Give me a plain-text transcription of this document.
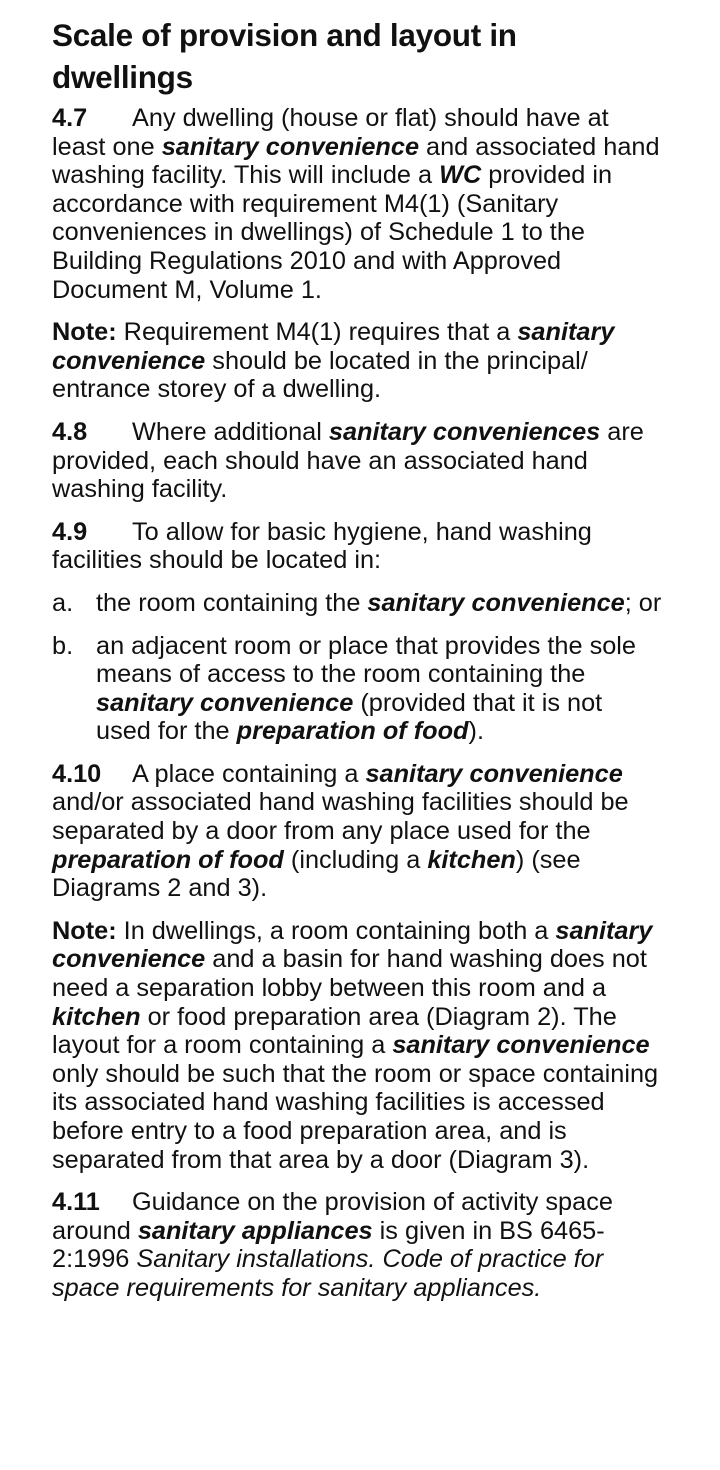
Scale of provision and layout in dwellings

4.7 Any dwelling (house or flat) should have at least one sanitary convenience and associated hand washing facility. This will include a WC provided in accordance with requirement M4(1) (Sanitary conveniences in dwellings) of Schedule 1 to the Building Regulations 2010 and with Approved Document M, Volume 1.

Note: Requirement M4(1) requires that a sanitary convenience should be located in the principal/ entrance storey of a dwelling.

4.8 Where additional sanitary conveniences are provided, each should have an associated hand washing facility.

4.9 To allow for basic hygiene, hand washing facilities should be located in:

a. the room containing the sanitary convenience; or
b. an adjacent room or place that provides the sole means of access to the room containing the sanitary convenience (provided that it is not used for the preparation of food).

4.10 A place containing a sanitary convenience and/or associated hand washing facilities should be separated by a door from any place used for the preparation of food (including a kitchen) (see Diagrams 2 and 3).

Note: In dwellings, a room containing both a sanitary convenience and a basin for hand washing does not need a separation lobby between this room and a kitchen or food preparation area (Diagram 2). The layout for a room containing a sanitary convenience only should be such that the room or space containing its associated hand washing facilities is accessed before entry to a food preparation area, and is separated from that area by a door (Diagram 3).

4.11 Guidance on the provision of activity space around sanitary appliances is given in BS 6465-2:1996 Sanitary installations. Code of practice for space requirements for sanitary appliances.
